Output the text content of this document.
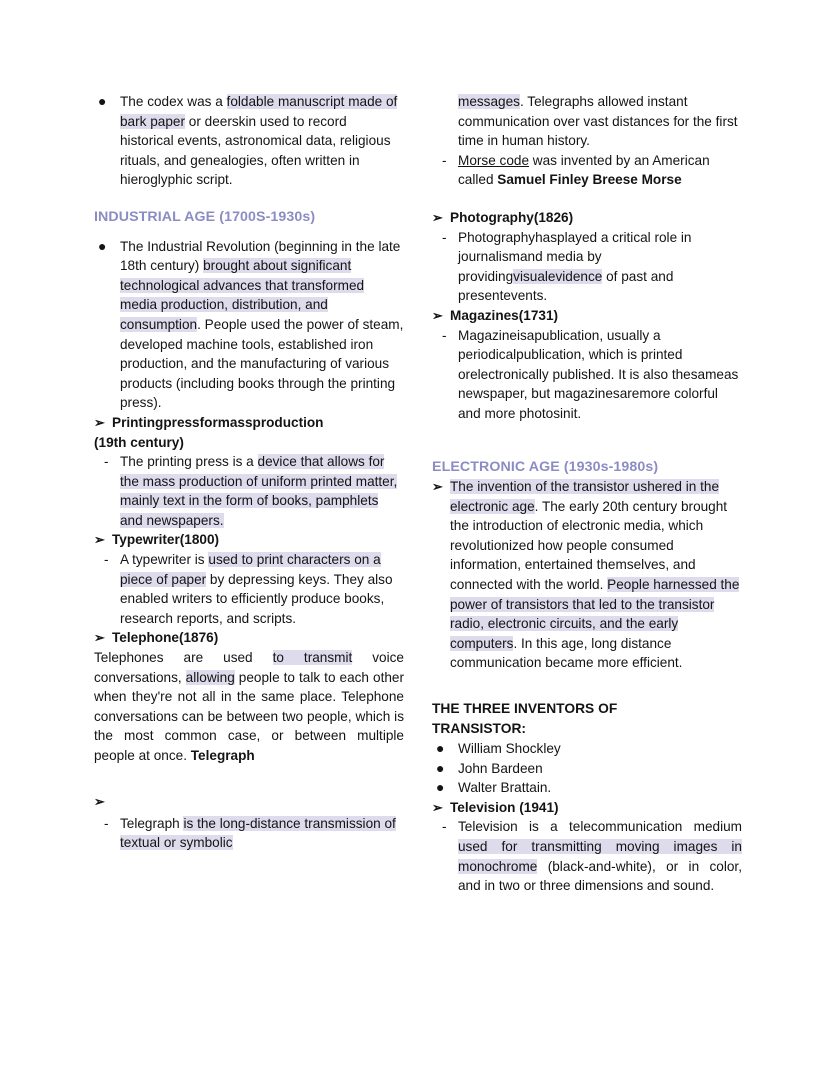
● The codex was a foldable manuscript made of bark paper or deerskin used to record historical events, astronomical data, religious rituals, and genealogies, often written in hieroglyphic script.
INDUSTRIAL AGE (1700S-1930s)
● The Industrial Revolution (beginning in the late 18th century) brought about significant technological advances that transformed media production, distribution, and consumption. People used the power of steam, developed machine tools, established iron production, and the manufacturing of various products (including books through the printing press).
➢ Printingpressformassproduction
(19th century)
- The printing press is a device that allows for the mass production of uniform printed matter, mainly text in the form of books, pamphlets and newspapers.
➢ Typewriter(1800)
- A typewriter is used to print characters on a piece of paper by depressing keys. They also enabled writers to efficiently produce books, research reports, and scripts.
➢ Telephone(1876)
Telephones are used to transmit voice conversations, allowing people to talk to each other when they're not all in the same place. Telephone conversations can be between two people, which is the most common case, or between multiple people at once. Telegraph
➢
- Telegraph is the long-distance transmission of textual or symbolic
messages. Telegraphs allowed instant communication over vast distances for the first time in human history.
- Morse code was invented by an American called Samuel Finley Breese Morse
➢ Photography(1826)
- Photographyhasplayed a critical role in journalismand media by providingvisualevidence of past and presentevents.
➢ Magazines(1731)
- Magazineisapublication, usually a periodicalpublication, which is printed orelectronically published. It is also thesameas newspaper, but magazinesaremore colorful and more photosinit.
ELECTRONIC AGE (1930s-1980s)
➢ The invention of the transistor ushered in the electronic age. The early 20th century brought the introduction of electronic media, which revolutionized how people consumed information, entertained themselves, and connected with the world. People harnessed the power of transistors that led to the transistor radio, electronic circuits, and the early computers. In this age, long distance communication became more efficient.
THE THREE INVENTORS OF
TRANSISTOR:
● William Shockley
● John Bardeen
● Walter Brattain.
➢ Television (1941)
- Television is a telecommunication medium used for transmitting moving images in monochrome (black-and-white), or in color, and in two or three dimensions and sound.
